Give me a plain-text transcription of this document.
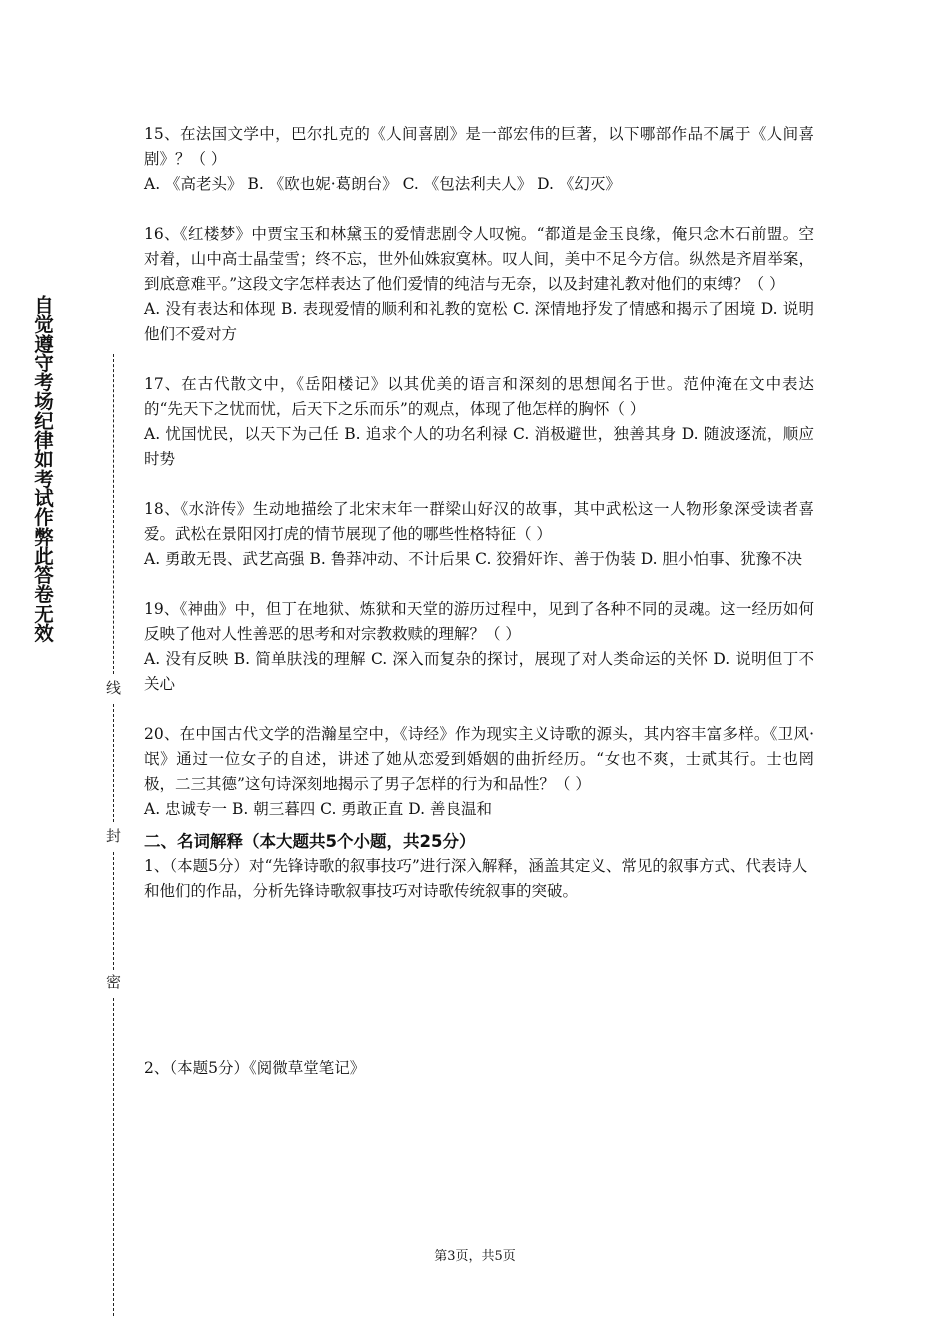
自觉遵守考场纪律如考试作弊此答卷无效
线
封
密

15、在法国文学中，巴尔扎克的《人间喜剧》是一部宏伟的巨著，以下哪部作品不属于《人间喜剧》？（ ）

A. 《高老头》 B. 《欧也妮·葛朗台》 C. 《包法利夫人》 D. 《幻灭》

16、《红楼梦》中贾宝玉和林黛玉的爱情悲剧令人叹惋。“都道是金玉良缘，俺只念木石前盟。空对着，山中高士晶莹雪；终不忘，世外仙姝寂寞林。叹人间，美中不足今方信。纵然是齐眉举案，到底意难平。”这段文字怎样表达了他们爱情的纯洁与无奈，以及封建礼教对他们的束缚？（ ）

A. 没有表达和体现 B. 表现爱情的顺利和礼教的宽松 C. 深情地抒发了情感和揭示了困境 D. 说明他们不爱对方

17、在古代散文中，《岳阳楼记》以其优美的语言和深刻的思想闻名于世。范仲淹在文中表达的“先天下之忧而忧，后天下之乐而乐”的观点，体现了他怎样的胸怀（ ）

A. 忧国忧民，以天下为己任 B. 追求个人的功名利禄 C. 消极避世，独善其身 D. 随波逐流，顺应时势

18、《水浒传》生动地描绘了北宋末年一群梁山好汉的故事，其中武松这一人物形象深受读者喜爱。武松在景阳冈打虎的情节展现了他的哪些性格特征（ ）

A. 勇敢无畏、武艺高强 B. 鲁莽冲动、不计后果 C. 狡猾奸诈、善于伪装 D. 胆小怕事、犹豫不决

19、《神曲》中，但丁在地狱、炼狱和天堂的游历过程中，见到了各种不同的灵魂。这一经历如何反映了他对人性善恶的思考和对宗教救赎的理解？（ ）

A. 没有反映 B. 简单肤浅的理解 C. 深入而复杂的探讨，展现了对人类命运的关怀 D. 说明但丁不关心

20、在中国古代文学的浩瀚星空中，《诗经》作为现实主义诗歌的源头，其内容丰富多样。《卫风·氓》通过一位女子的自述，讲述了她从恋爱到婚姻的曲折经历。“女也不爽，士贰其行。士也罔极，二三其德”这句诗深刻地揭示了男子怎样的行为和品性？（ ）

A. 忠诚专一 B. 朝三暮四 C. 勇敢正直 D. 善良温和

二、名词解释（本大题共5个小题，共25分）

1、（本题5分）对“先锋诗歌的叙事技巧”进行深入解释，涵盖其定义、常见的叙事方式、代表诗人和他们的作品，分析先锋诗歌叙事技巧对诗歌传统叙事的突破。

2、（本题5分）《阅微草堂笔记》

第3页，共5页
